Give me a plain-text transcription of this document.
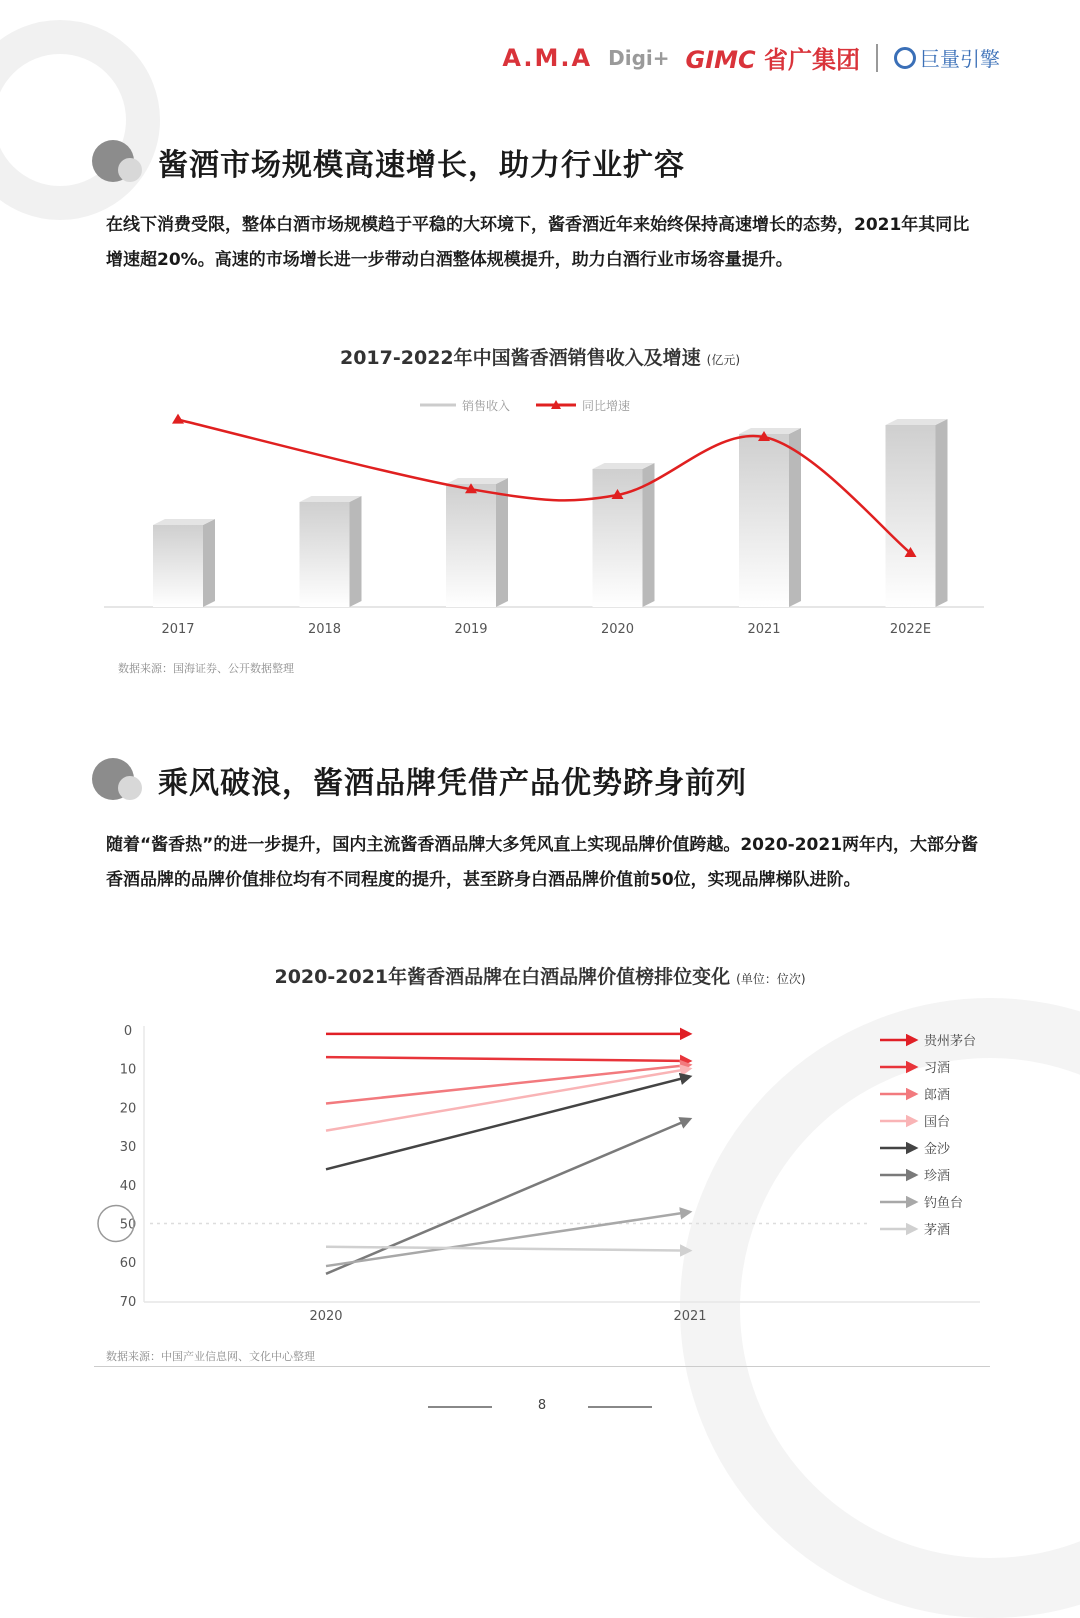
A.M.A Digi+ GIMC 省广集团	巨量引擎
酱酒市场规模高速增长，助力行业扩容

在线下消费受限，整体白酒市场规模趋于平稳的大环境下，酱香酒近年来始终保持高速增长的态势，2021年其同比增速超20%。高速的市场增长进一步带动白酒整体规模提升，助力白酒行业市场容量提升。

2017-2022年中国酱香酒销售收入及增速 (亿元)
销售收入	同比增速
2017	2018	2019	2020	2021	2022E
数据来源：国海证券、公开数据整理
乘风破浪，酱酒品牌凭借产品优势跻身前列

随着“酱香热”的进一步提升，国内主流酱香酒品牌大多凭风直上实现品牌价值跨越。2020-2021两年内，大部分酱香酒品牌的品牌价值排位均有不同程度的提升，甚至跻身白酒品牌价值前50位，实现品牌梯队进阶。

2020-2021年酱香酒品牌在白酒品牌价值榜排位变化 (单位：位次)
0
10
20
30
40
50
60
70
2020	2021
贵州茅台
习酒
郎酒
国台
金沙
珍酒
钓鱼台
茅酒
数据来源：中国产业信息网、文化中心整理
8
